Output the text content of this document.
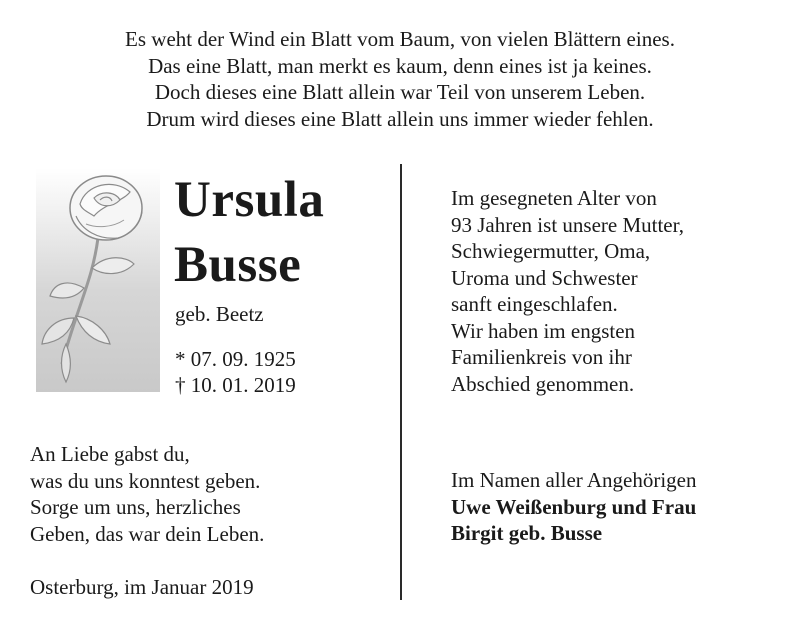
Es weht der Wind ein Blatt vom Baum, von vielen Blättern eines.
Das eine Blatt, man merkt es kaum, denn eines ist ja keines.
Doch dieses eine Blatt allein war Teil von unserem Leben.
Drum wird dieses eine Blatt allein uns immer wieder fehlen.
Ursula
Busse
geb. Beetz
* 07. 09. 1925
† 10. 01. 2019
Im gesegneten Alter von
93 Jahren ist unsere Mutter,
Schwiegermutter, Oma,
Uroma und Schwester
sanft eingeschlafen.
Wir haben im engsten
Familienkreis von ihr
Abschied genommen.
An Liebe gabst du,
was du uns konntest geben.
Sorge um uns, herzliches
Geben, das war dein Leben.
Im Namen aller Angehörigen
Uwe Weißenburg und Frau
Birgit geb. Busse
Osterburg, im Januar 2019
